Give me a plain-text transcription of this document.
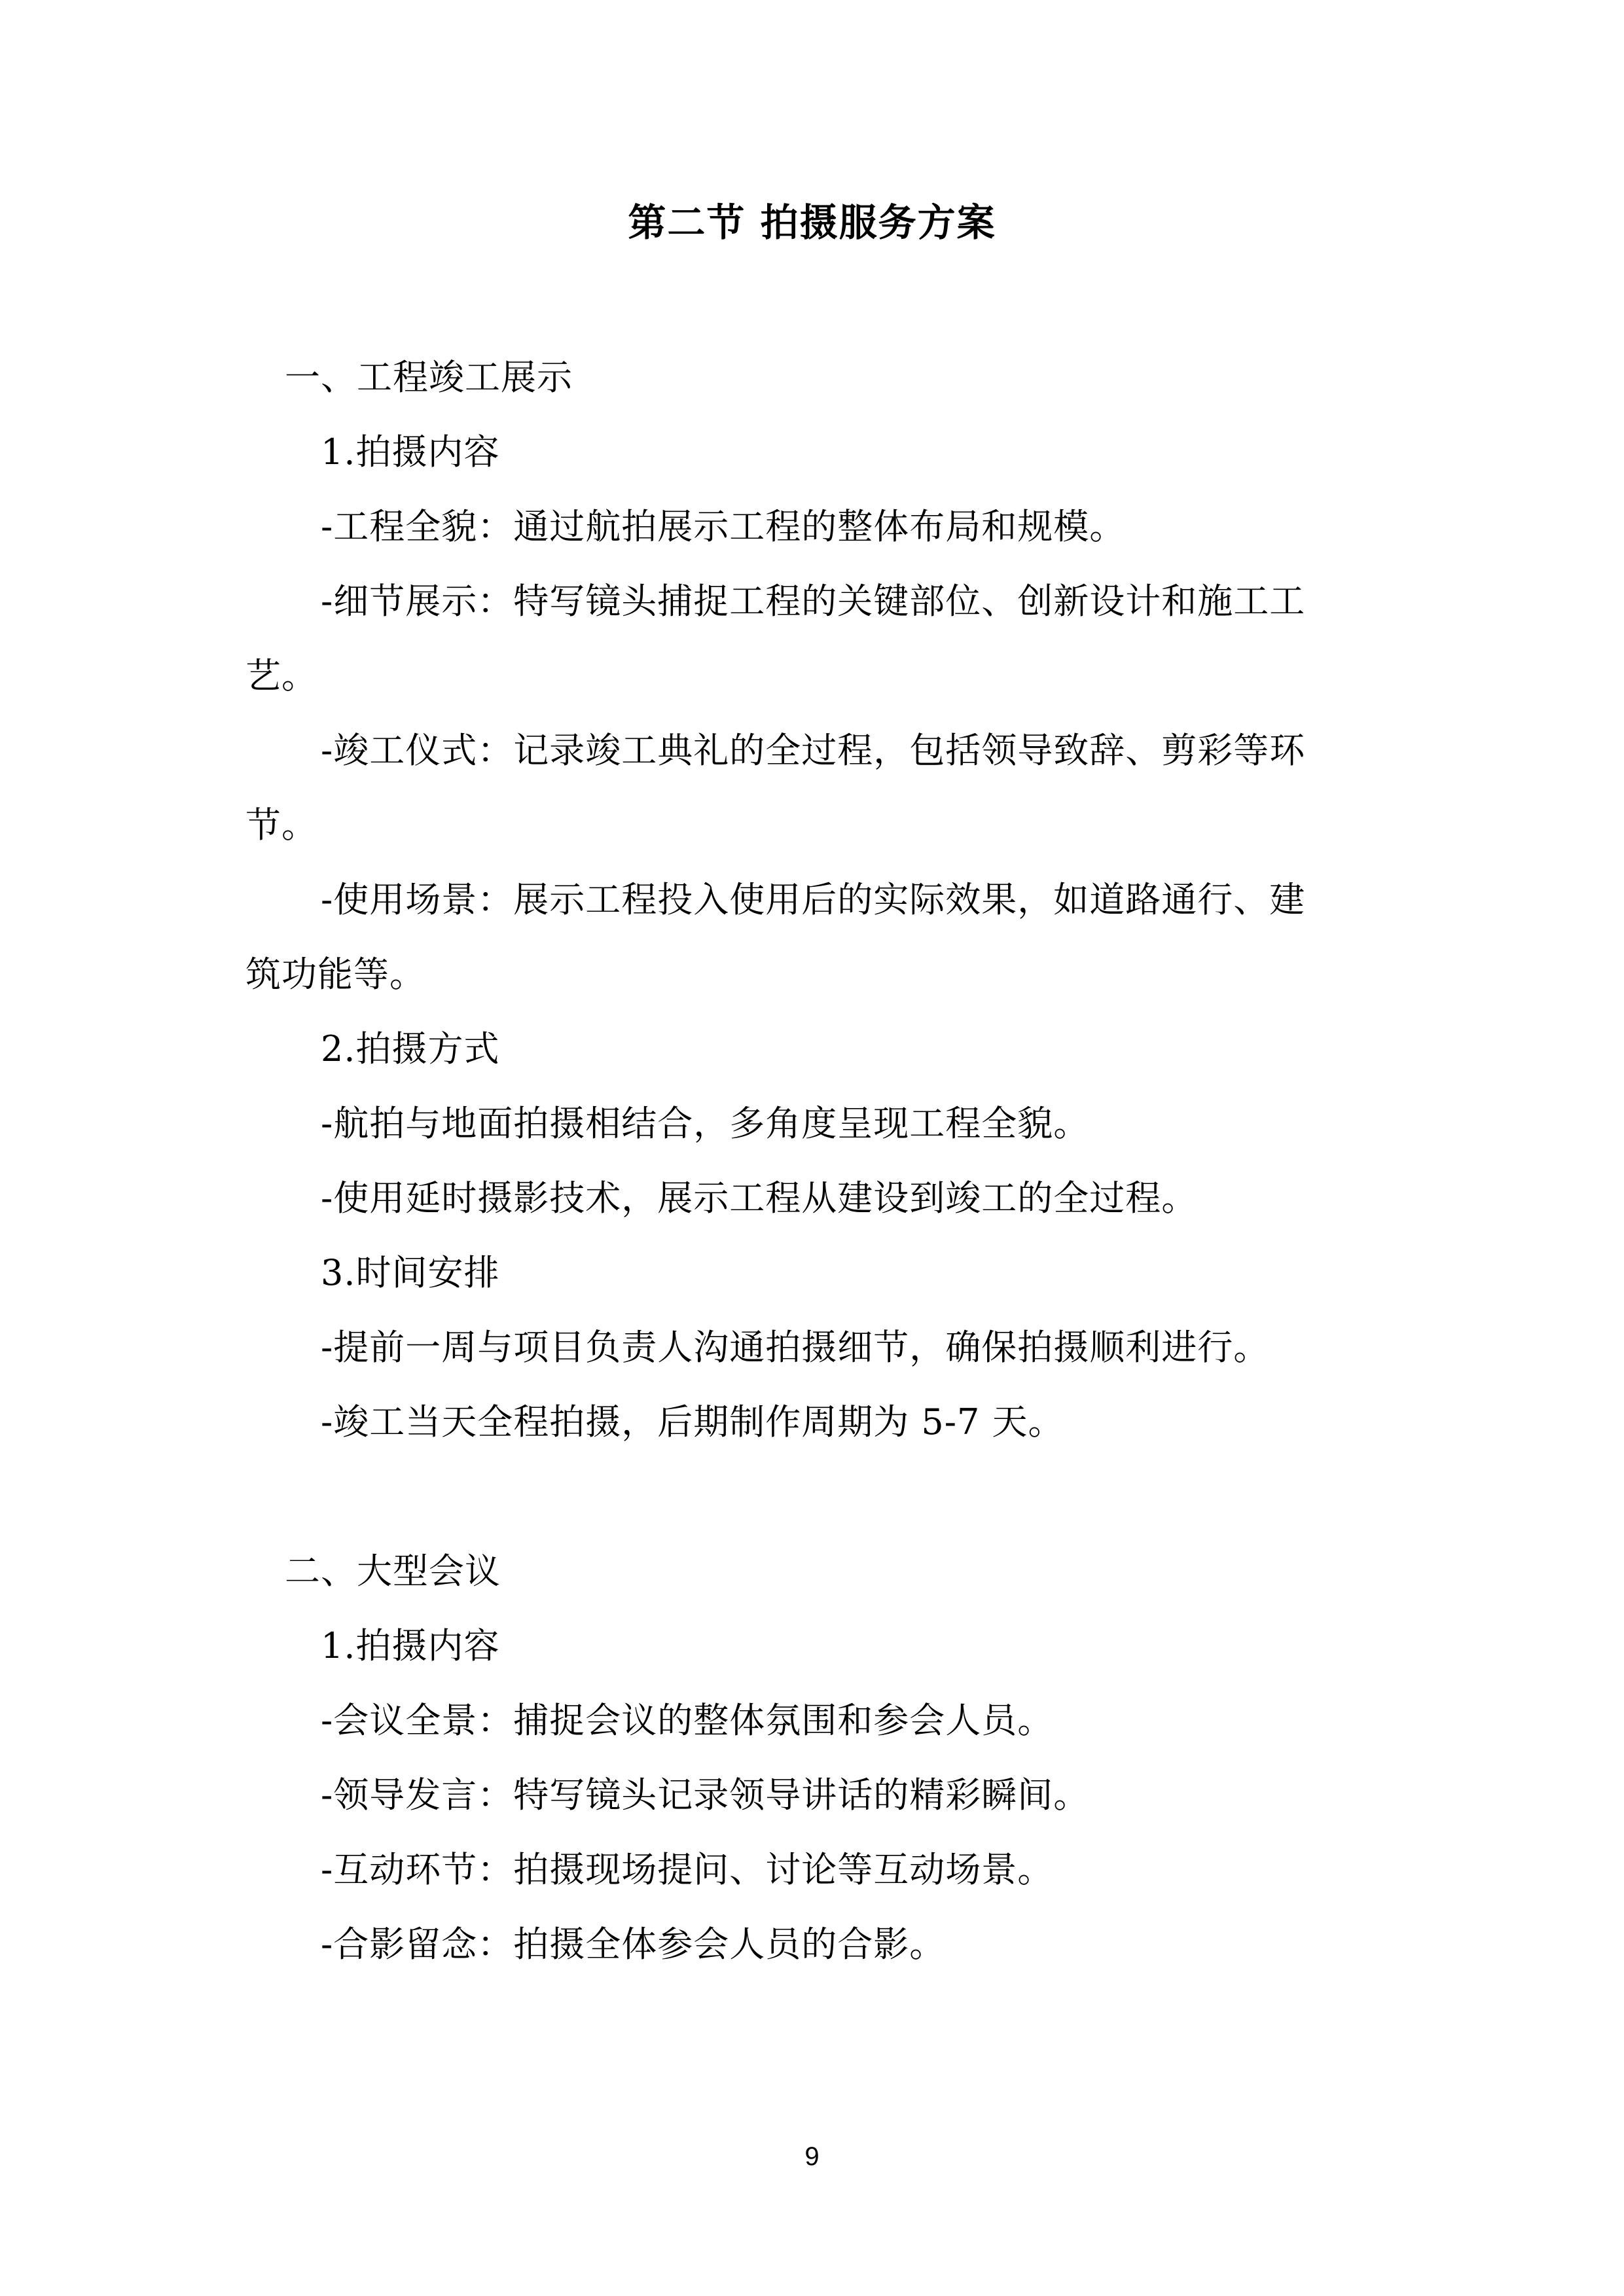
第二节 拍摄服务方案
一、工程竣工展示
1.拍摄内容
-工程全貌：通过航拍展示工程的整体布局和规模。
-细节展示：特写镜头捕捉工程的关键部位、创新设计和施工工
艺。
-竣工仪式：记录竣工典礼的全过程，包括领导致辞、剪彩等环
节。
-使用场景：展示工程投入使用后的实际效果，如道路通行、建
筑功能等。
2.拍摄方式
-航拍与地面拍摄相结合，多角度呈现工程全貌。
-使用延时摄影技术，展示工程从建设到竣工的全过程。
3.时间安排
-提前一周与项目负责人沟通拍摄细节，确保拍摄顺利进行。
-竣工当天全程拍摄，后期制作周期为 5-7 天。
二、大型会议
1.拍摄内容
-会议全景：捕捉会议的整体氛围和参会人员。
-领导发言：特写镜头记录领导讲话的精彩瞬间。
-互动环节：拍摄现场提问、讨论等互动场景。
-合影留念：拍摄全体参会人员的合影。
9
